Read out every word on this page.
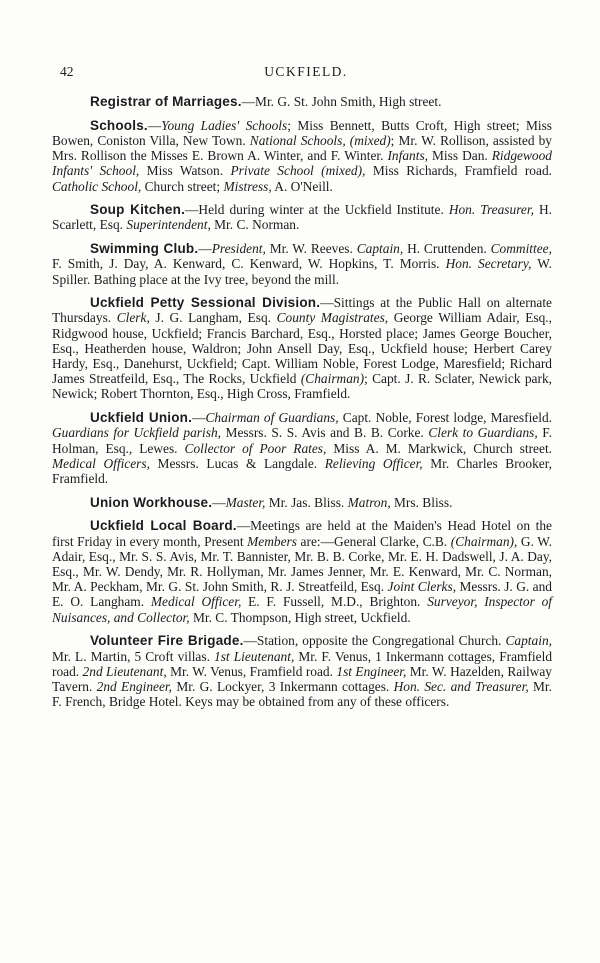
42	UCKFIELD.

Registrar of Marriages.—Mr. G. St. John Smith, High street.

Schools.—Young Ladies' Schools; Miss Bennett, Butts Croft, High street; Miss Bowen, Coniston Villa, New Town. National Schools, (mixed); Mr. W. Rollison, assisted by Mrs. Rollison the Misses E. Brown A. Winter, and F. Winter. Infants, Miss Dan. Ridgewood Infants' School, Miss Watson. Private School (mixed), Miss Richards, Framfield road. Catholic School, Church street; Mistress, A. O'Neill.

Soup Kitchen.—Held during winter at the Uckfield Institute. Hon. Treasurer, H. Scarlett, Esq. Superintendent, Mr. C. Norman.

Swimming Club.—President, Mr. W. Reeves. Captain, H. Cruttenden. Committee, F. Smith, J. Day, A. Kenward, C. Kenward, W. Hopkins, T. Morris. Hon. Secretary, W. Spiller. Bathing place at the Ivy tree, beyond the mill.

Uckfield Petty Sessional Division.—Sittings at the Public Hall on alternate Thursdays. Clerk, J. G. Langham, Esq. County Magistrates, George William Adair, Esq., Ridgwood house, Uckfield; Francis Barchard, Esq., Horsted place; James George Boucher, Esq., Heatherden house, Waldron; John Ansell Day, Esq., Uckfield house; Herbert Carey Hardy, Esq., Danehurst, Uckfield; Capt. William Noble, Forest Lodge, Maresfield; Richard James Streatfeild, Esq., The Rocks, Uckfield (Chairman); Capt. J. R. Sclater, Newick park, Newick; Robert Thornton, Esq., High Cross, Framfield.

Uckfield Union.—Chairman of Guardians, Capt. Noble, Forest lodge, Maresfield. Guardians for Uckfield parish, Messrs. S. S. Avis and B. B. Corke. Clerk to Guardians, F. Holman, Esq., Lewes. Collector of Poor Rates, Miss A. M. Markwick, Church street. Medical Officers, Messrs. Lucas & Langdale. Relieving Officer, Mr. Charles Brooker, Framfield.

Union Workhouse.—Master, Mr. Jas. Bliss. Matron, Mrs. Bliss.

Uckfield Local Board.—Meetings are held at the Maiden's Head Hotel on the first Friday in every month, Present Members are:—General Clarke, C.B. (Chairman), G. W. Adair, Esq., Mr. S. S. Avis, Mr. T. Bannister, Mr. B. B. Corke, Mr. E. H. Dadswell, J. A. Day, Esq., Mr. W. Dendy, Mr. R. Hollyman, Mr. James Jenner, Mr. E. Kenward, Mr. C. Norman, Mr. A. Peckham, Mr. G. St. John Smith, R. J. Streatfeild, Esq. Joint Clerks, Messrs. J. G. and E. O. Langham. Medical Officer, E. F. Fussell, M.D., Brighton. Surveyor, Inspector of Nuisances, and Collector, Mr. C. Thompson, High street, Uckfield.

Volunteer Fire Brigade.—Station, opposite the Congregational Church. Captain, Mr. L. Martin, 5 Croft villas. 1st Lieutenant, Mr. F. Venus, 1 Inkermann cottages, Framfield road. 2nd Lieutenant, Mr. W. Venus, Framfield road. 1st Engineer, Mr. W. Hazelden, Railway Tavern. 2nd Engineer, Mr. G. Lockyer, 3 Inkermann cottages. Hon. Sec. and Treasurer, Mr. F. French, Bridge Hotel. Keys may be obtained from any of these officers.
